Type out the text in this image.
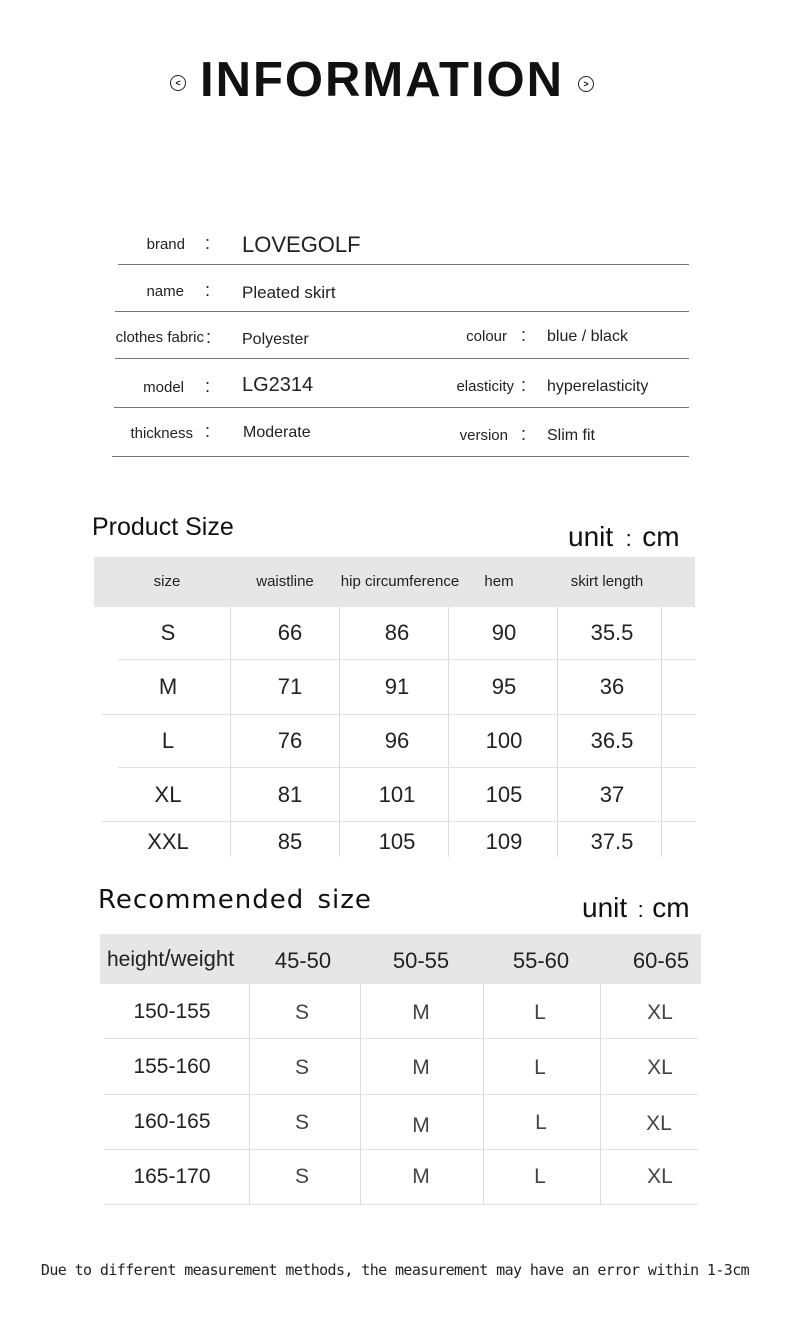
< INFORMATION	>
brand : LOVEGOLF
name : Pleated skirt
clothes fabric : Polyester	colour : blue / black
model : LG2314	elasticity : hyperelasticity
thickness : Moderate	version : Slim fit
Product Size	unit : cm
size	waistline	hip circumference	hem	skirt length
S	66	86	90	35.5
M	71	91	95	36
L	76	96	100	36.5
XL	81	101	105	37
XXL	85	105	109	37.5
Recommended size	unit : cm
height/weight	45-50	50-55	55-60	60-65
150-155	S	M	L	XL
155-160	S	M	L	XL
160-165	S	M	L	XL
165-170	S	M	L	XL
Due to different measurement methods, the measurement may have an error within 1-3cm
